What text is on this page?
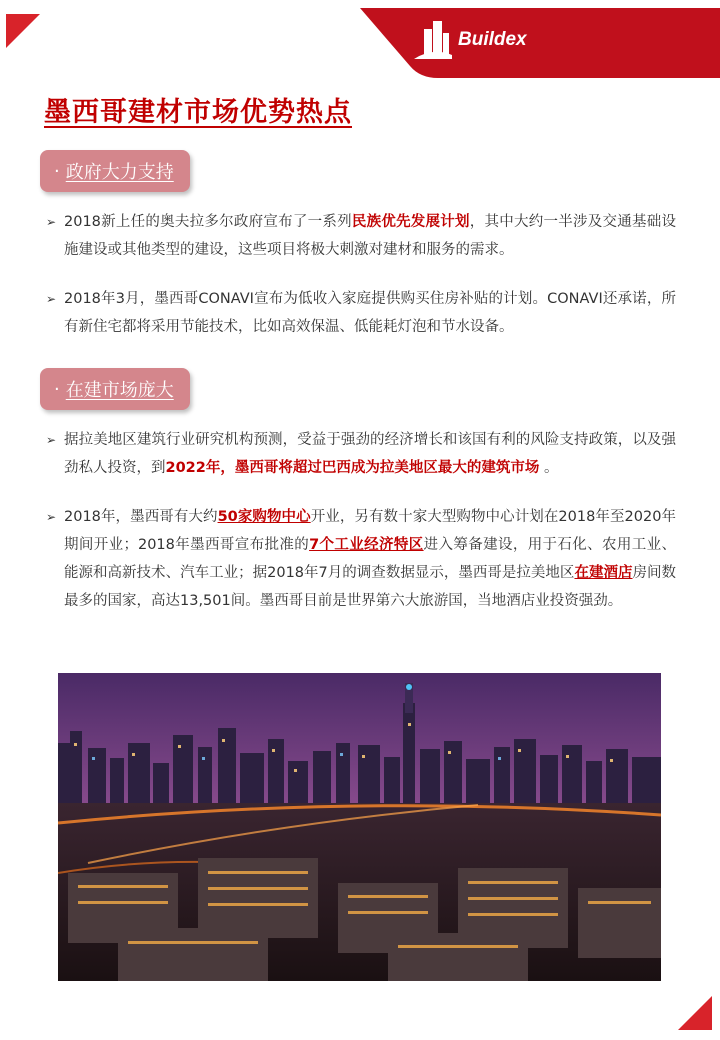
Buildex
墨西哥建材市场优势热点
· 政府大力支持
➢ 2018新上任的奥夫拉多尔政府宣布了一系列民族优先发展计划，其中大约一半涉及交通基础设施建设或其他类型的建设，这些项目将极大刺激对建材和服务的需求。
➢ 2018年3月，墨西哥CONAVI宣布为低收入家庭提供购买住房补贴的计划。CONAVI还承诺，所有新住宅都将采用节能技术，比如高效保温、低能耗灯泡和节水设备。
· 在建市场庞大
➢ 据拉美地区建筑行业研究机构预测，受益于强劲的经济增长和该国有利的风险支持政策，以及强劲私人投资，到2022年，墨西哥将超过巴西成为拉美地区最大的建筑市场 。
➢ 2018年，墨西哥有大约50家购物中心开业，另有数十家大型购物中心计划在2018年至2020年期间开业；2018年墨西哥宣布批准的7个工业经济特区进入筹备建设，用于石化、农用工业、能源和高新技术、汽车工业；据2018年7月的调查数据显示，墨西哥是拉美地区在建酒店房间数最多的国家，高达13,501间。墨西哥目前是世界第六大旅游国，当地酒店业投资强劲。
